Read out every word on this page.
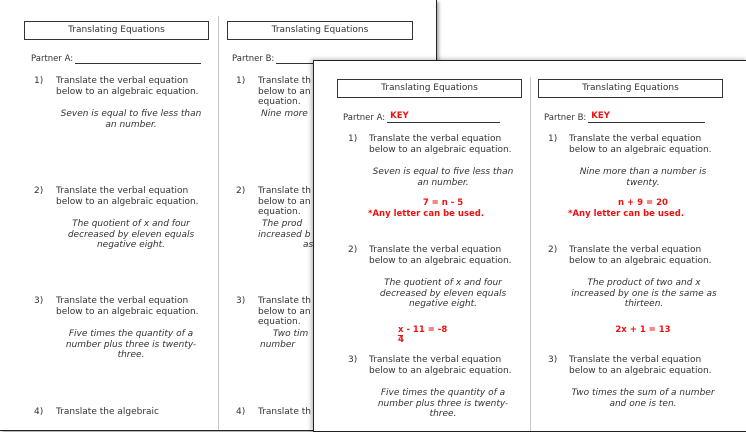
Translating Equations
Partner A:
1) Translate the verbal equation below to an algebraic equation.
Seven is equal to five less than an number.
2) Translate the verbal equation below to an algebraic equation.
The quotient of x and four decreased by eleven equals negative eight.
3) Translate the verbal equation below to an algebraic equation.
Five times the quantity of a number plus three is twenty-three.
4) Translate the algebraic
Translating Equations
Partner B:
1) Translate th
below to an
equation.
Nine more
2) Translate th
below to an
equation.
The prod
increased b
as
3) Translate th
below to an
equation.
Two tim
number
4) Translate th
Translating Equations
Partner A: KEY
1) Translate the verbal equation below to an algebraic equation.
Seven is equal to five less than an number.
7 = n - 5
*Any letter can be used.
2) Translate the verbal equation below to an algebraic equation.
The quotient of x and four decreased by eleven equals negative eight.
x - 11 = -8
4
3) Translate the verbal equation below to an algebraic equation.
Five times the quantity of a number plus three is twenty-three.
Translating Equations
Partner B: KEY
1) Translate the verbal equation below to an algebraic equation.
Nine more than a number is twenty.
n + 9 = 20
*Any letter can be used.
2) Translate the verbal equation below to an algebraic equation.
The product of two and x increased by one is the same as thirteen.
2x + 1 = 13
3) Translate the verbal equation below to an algebraic equation.
Two times the sum of a number and one is ten.
